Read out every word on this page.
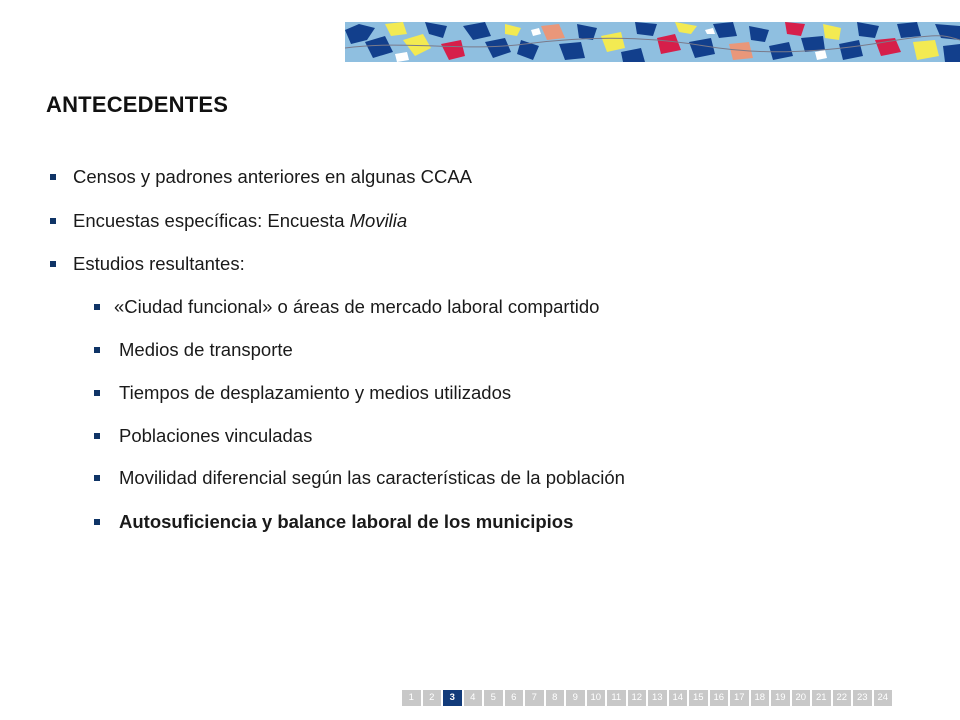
ANTECEDENTES
Censos y padrones anteriores en algunas CCAA
Encuestas específicas: Encuesta Movilia
Estudios resultantes:
«Ciudad funcional» o áreas de mercado laboral compartido
Medios de transporte
Tiempos de desplazamiento y medios utilizados
Poblaciones vinculadas
Movilidad diferencial según las características de la población
Autosuficiencia y balance laboral de los municipios
1	2	3	4	5	6	7	8	9	10	11	12	13	14	15	16	17	18	19	20	21	22	23	24
